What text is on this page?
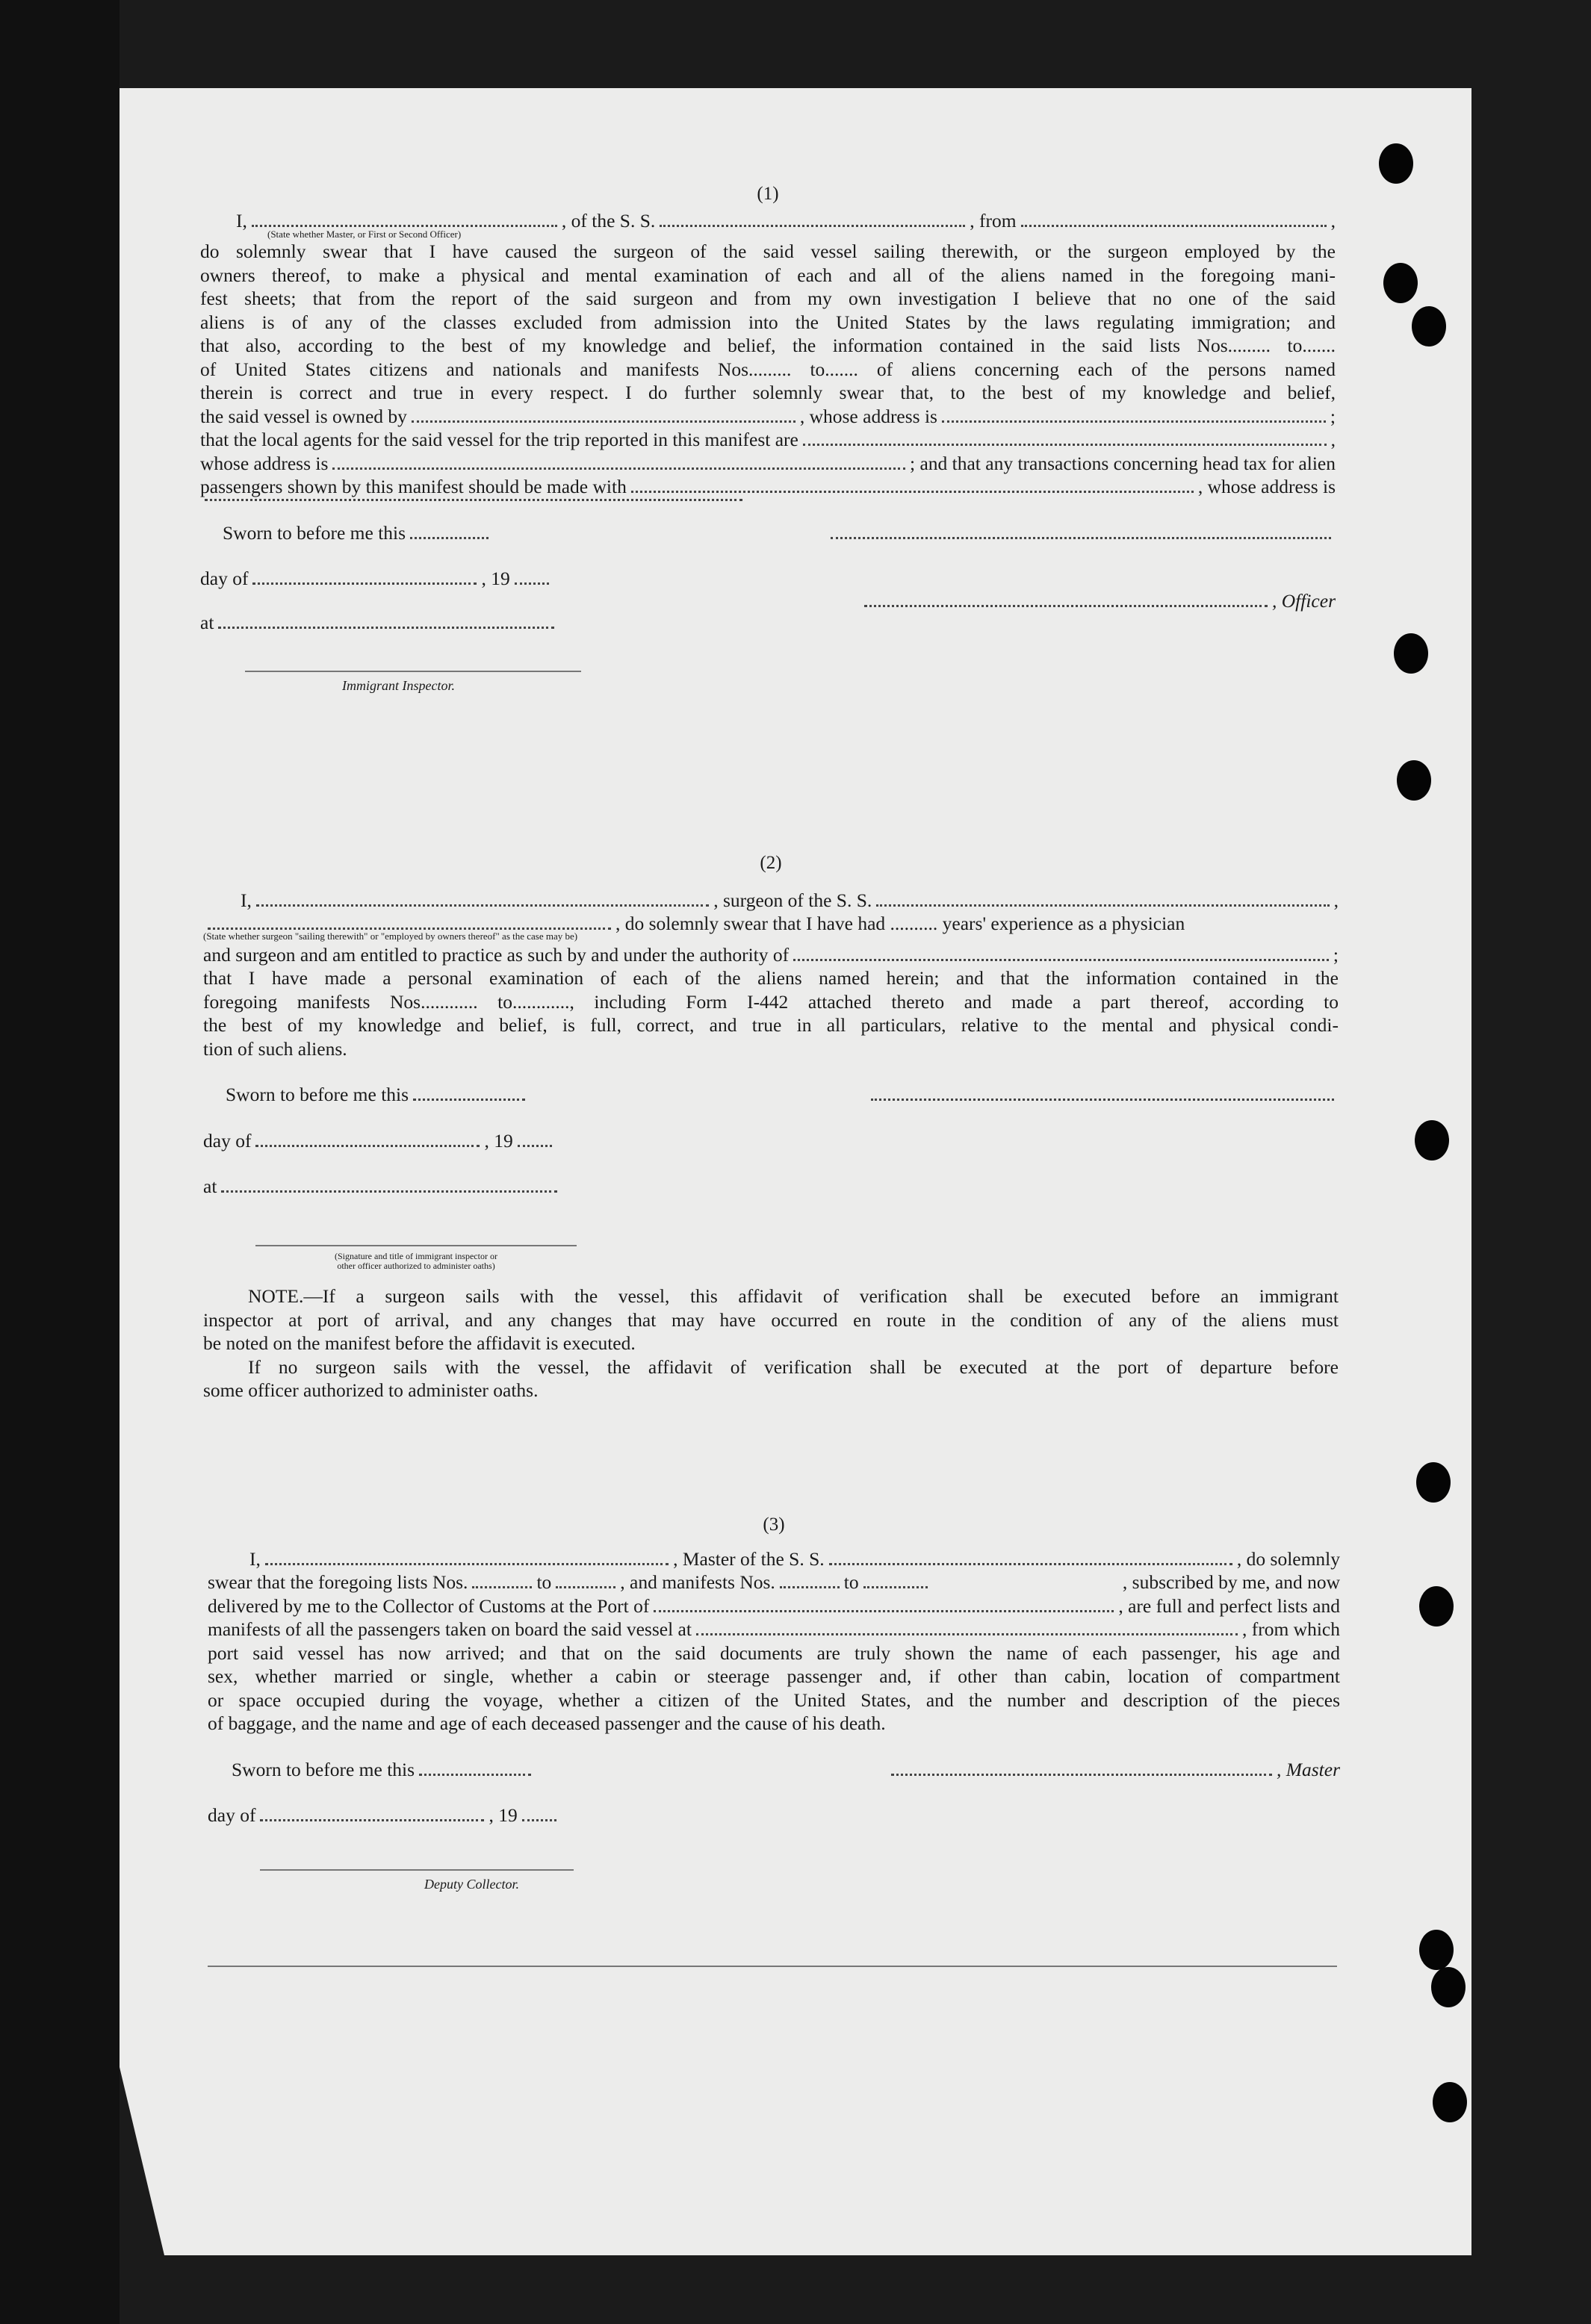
(1)
I,	, of the S. S.	, from	,
(State whether Master, or First or Second Officer)
do solemnly swear that I have caused the surgeon of the said vessel sailing therewith, or the surgeon employed by the
owners thereof, to make a physical and mental examination of each and all of the aliens named in the foregoing mani-
fest sheets; that from the report of the said surgeon and from my own investigation I believe that no one of the said
aliens is of any of the classes excluded from admission into the United States by the laws regulating immigration; and
that also, according to the best of my knowledge and belief, the information contained in the said lists Nos......... to.......
of United States citizens and nationals and manifests Nos......... to....... of aliens concerning each of the persons named
therein is correct and true in every respect. I do further solemnly swear that, to the best of my knowledge and belief,
the said vessel is owned by	, whose address is	;
that the local agents for the said vessel for the trip reported in this manifest are	,
whose address is	; and that any transactions concerning head tax for alien
passengers shown by this manifest should be made with	, whose address is
Sworn to before me this
day of	, 19
, Officer
at
Immigrant Inspector.
(2)
I,	, surgeon of the S. S.	,
, do solemnly swear that I have had .......... years' experience as a physician
(State whether surgeon "sailing therewith" or "employed by owners thereof" as the case may be)
and surgeon and am entitled to practice as such by and under the authority of	;
that I have made a personal examination of each of the aliens named herein; and that the information contained in the
foregoing manifests Nos............ to............, including Form I-442 attached thereto and made a part thereof, according to
the best of my knowledge and belief, is full, correct, and true in all particulars, relative to the mental and physical condi-
tion of such aliens.
Sworn to before me this
day of	, 19
at
(Signature and title of immigrant inspector or
other officer authorized to administer oaths)
NOTE.—If a surgeon sails with the vessel, this affidavit of verification shall be executed before an immigrant
inspector at port of arrival, and any changes that may have occurred en route in the condition of any of the aliens must
be noted on the manifest before the affidavit is executed.
If no surgeon sails with the vessel, the affidavit of verification shall be executed at the port of departure before
some officer authorized to administer oaths.
(3)
I,	, Master of the S. S.	, do solemnly
swear that the foregoing lists Nos.	to	, and manifests Nos.	to	, subscribed by me, and now
delivered by me to the Collector of Customs at the Port of	, are full and perfect lists and
manifests of all the passengers taken on board the said vessel at	, from which
port said vessel has now arrived; and that on the said documents are truly shown the name of each passenger, his age and
sex, whether married or single, whether a cabin or steerage passenger and, if other than cabin, location of compartment
or space occupied during the voyage, whether a citizen of the United States, and the number and description of the pieces
of baggage, and the name and age of each deceased passenger and the cause of his death.
Sworn to before me this	, Master
day of	, 19
Deputy Collector.
